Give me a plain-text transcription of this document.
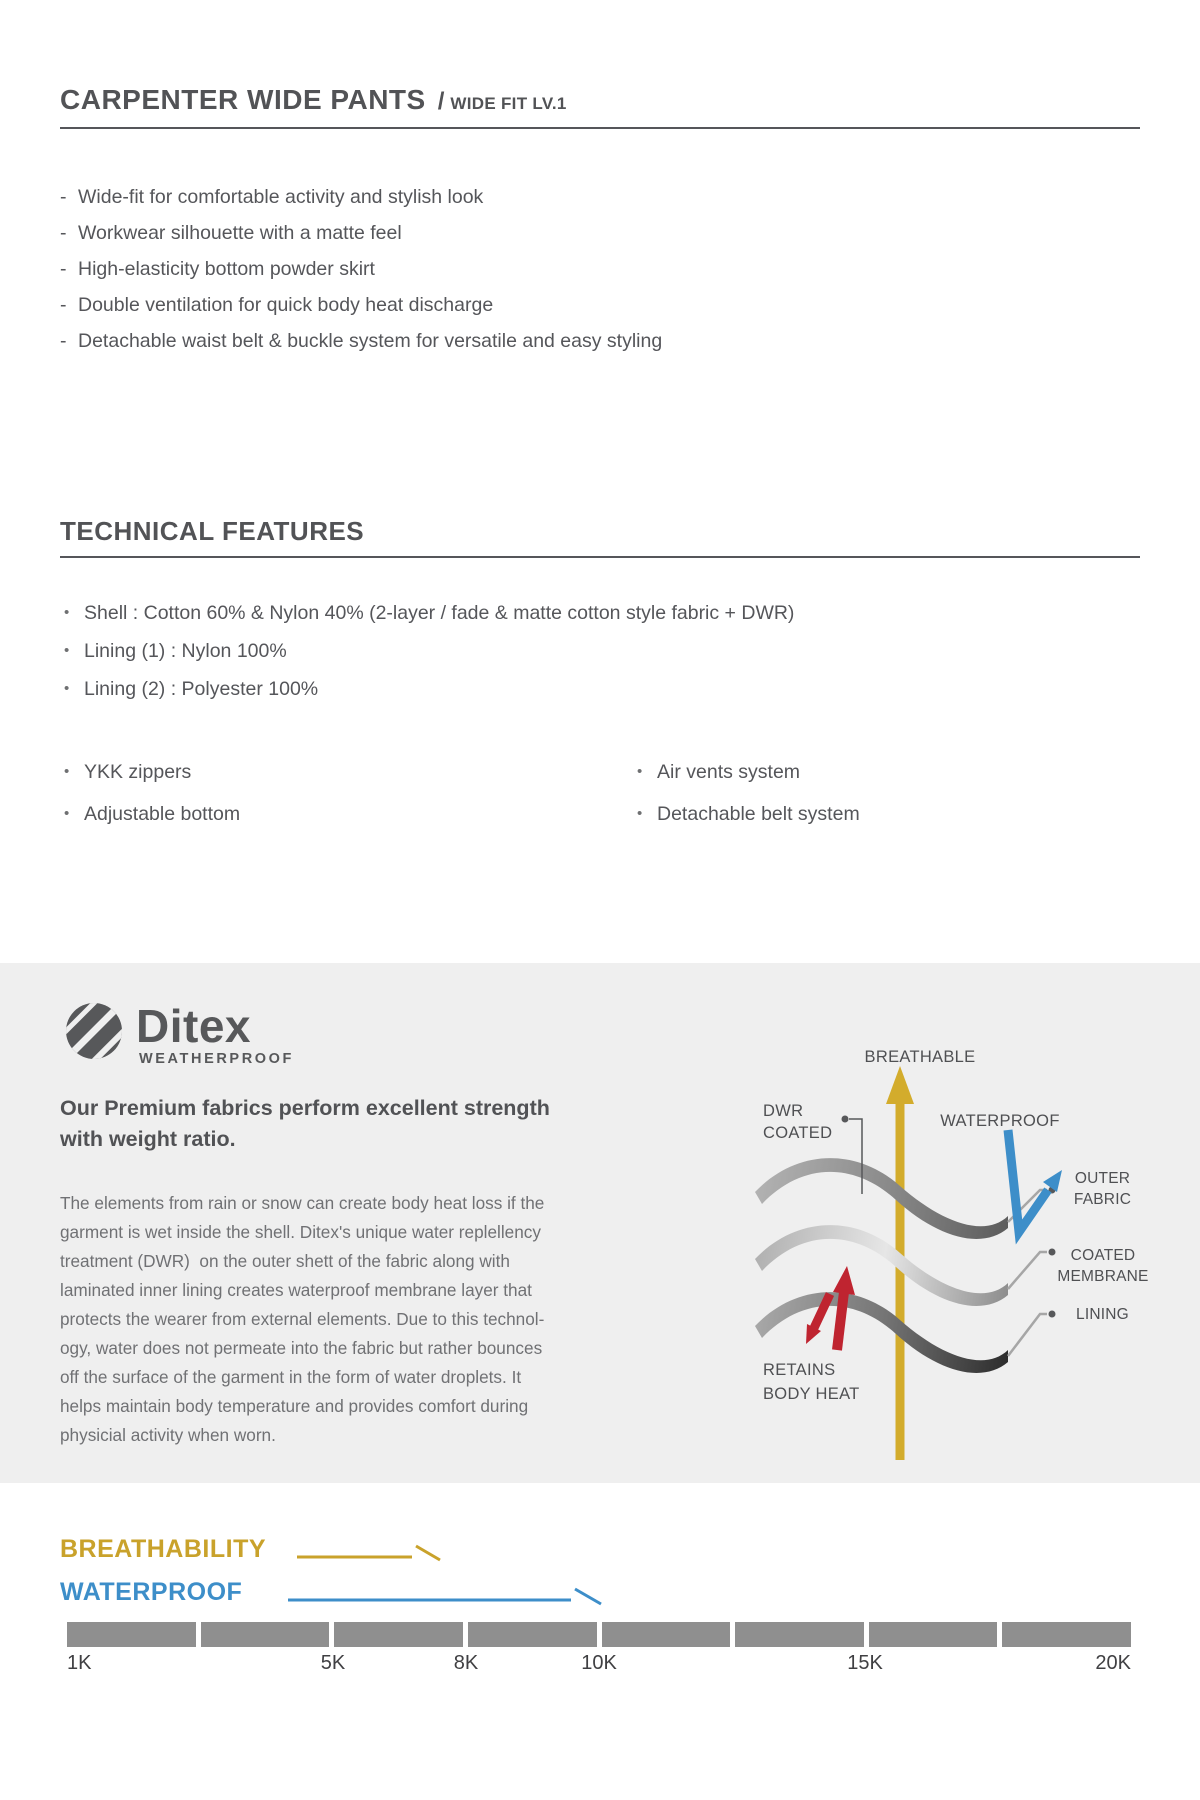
CARPENTER WIDE PANTS / WIDE FIT LV.1
- Wide-fit for comfortable activity and stylish look
- Workwear silhouette with a matte feel
- High-elasticity bottom powder skirt
- Double ventilation for quick body heat discharge
- Detachable waist belt & buckle system for versatile and easy styling
TECHNICAL FEATURES
• Shell : Cotton 60% & Nylon 40% (2-layer / fade & matte cotton style fabric + DWR)
• Lining (1) : Nylon 100%
• Lining (2) : Polyester 100%
• YKK zippers
• Adjustable bottom
• Air vents system
• Detachable belt system
Ditex
WEATHERPROOF
Our Premium fabrics perform excellent strength with weight ratio.
The elements from rain or snow can create body heat loss if the
garment is wet inside the shell. Ditex's unique water replellency
treatment (DWR)  on the outer shett of the fabric along with
laminated inner lining creates waterproof membrane layer that
protects the wearer from external elements. Due to this technol-
ogy, water does not permeate into the fabric but rather bounces
off the surface of the garment in the form of water droplets. It
helps maintain body temperature and provides comfort during
physicial activity when worn.
BREATHABLE
DWR
COATED
WATERPROOF
RETAINS
BODY HEAT
OUTER
FABRIC
COATED
MEMBRANE
LINING
BREATHABILITY
WATERPROOF
1K	5K	8K	10K	15K	20K
